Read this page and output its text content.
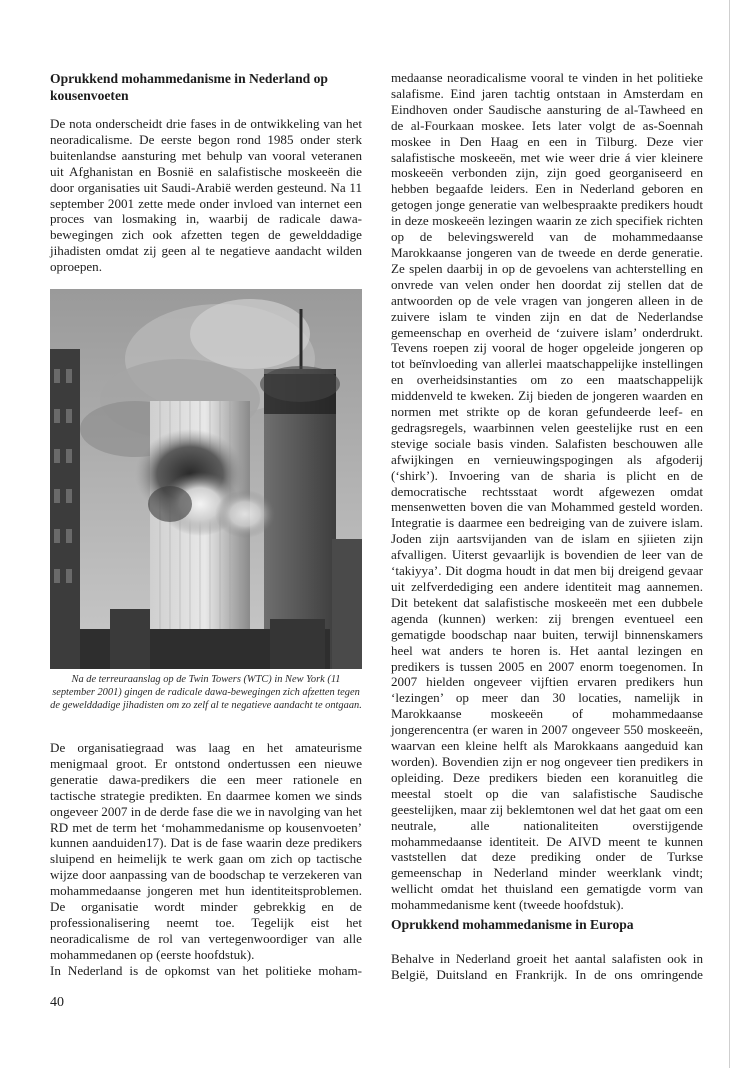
Oprukkend mohammedanisme in Nederland op kousenvoeten

De nota onderscheidt drie fases in de ontwikkeling van het neoradicalisme. De eerste begon rond 1985 onder sterk buitenlandse aansturing met behulp van vooral veteranen uit Afghanistan en Bosnië en salafistische moskeeën die door organisaties uit Saudi-Arabië werden gesteund. Na 11 september 2001 zette mede onder invloed van internet een proces van losmaking in, waarbij de radicale dawa-bewegingen zich ook afzetten tegen de gewelddadige jihadisten omdat zij geen al te negatieve aandacht wilden oproepen.

Na de terreuraanslag op de Twin Towers (WTC) in New York (11 september 2001) gingen de radicale dawa-bewegingen zich afzetten tegen de gewelddadige jihadisten om zo zelf al te negatieve aandacht te ontgaan.

De organisatiegraad was laag en het amateurisme menigmaal groot. Er ontstond ondertussen een nieuwe generatie dawa-predikers die een meer rationele en tactische strategie predikten. En daarmee komen we sinds ongeveer 2007 in de derde fase die we in navolging van het RD met de term het ‘mohammedanisme op kousenvoeten’ kunnen aanduiden17). Dat is de fase waarin deze predikers sluipend en heimelijk te werk gaan om zich op tactische wijze door aanpassing van de boodschap te verzekeren van mohammedaanse jongeren met hun identiteitsproblemen. De organisatie wordt minder gebrekkig en de professionalisering neemt toe. Tegelijk eist het neoradicalisme de rol van vertegenwoordiger van alle mohammedanen op (eerste hoofdstuk).

In Nederland is de opkomst van het politieke moham-

40

medaanse neoradicalisme vooral te vinden in het politieke salafisme. Eind jaren tachtig ontstaan in Amsterdam en Eindhoven onder Saudische aansturing de al-Tawheed en de al-Fourkaan moskee. Iets later volgt de as-Soennah moskee in Den Haag en een in Tilburg. Deze vier salafistische moskeeën, met wie weer drie á vier kleinere moskeeën verbonden zijn, zijn goed georganiseerd en hebben begaafde leiders. Een in Nederland geboren en getogen jonge generatie van welbespraakte predikers houdt in deze moskeeën lezingen waarin ze zich specifiek richten op de belevingswereld van de mohammedaanse Marokkaanse jongeren van de tweede en derde generatie. Ze spelen daarbij in op de gevoelens van achterstelling en onvrede van velen onder hen doordat zij stellen dat de antwoorden op de vele vragen van jongeren alleen in de zuivere islam te vinden zijn en dat de Nederlandse gemeenschap en overheid de ‘zuivere islam’ onderdrukt. Tevens roepen zij vooral de hoger opgeleide jongeren op tot beïnvloeding van allerlei maatschappelijke instellingen en overheidsinstanties om zo een maatschappelijk middenveld te kweken. Zij bieden de jongeren waarden en normen met strikte op de koran gefundeerde leef- en gedragsregels, waarbinnen velen geestelijke rust en een stevige sociale basis vinden. Salafisten beschouwen alle afwijkingen en vernieuwingspogingen als afgoderij (‘shirk’). Invoering van de sharia is plicht en de democratische rechtsstaat wordt afgewezen omdat mensenwetten boven die van Mohammed gesteld worden. Integratie is daarmee een bedreiging van de zuivere islam. Joden zijn aartsvijanden van de islam en sjiieten zijn afvalligen. Uiterst gevaarlijk is bovendien de leer van de ‘takiyya’. Dit dogma houdt in dat men bij dreigend gevaar uit zelfverdediging een andere identiteit mag aannemen. Dit betekent dat salafistische moskeeën met een dubbele agenda (kunnen) werken: zij brengen eventueel een gematigde boodschap naar buiten, terwijl binnenskamers heel wat anders te horen is. Het aantal lezingen en predikers is tussen 2005 en 2007 enorm toegenomen. In 2007 hielden ongeveer vijftien ervaren predikers hun ‘lezingen’ op meer dan 30 locaties, namelijk in Marokkaanse moskeeën of mohammedaanse jongerencentra (er waren in 2007 ongeveer 550 moskeeën, waarvan een kleine helft als Marokkaans aangeduid kan worden). Bovendien zijn er nog ongeveer tien predikers in opleiding. Deze predikers bieden een koranuitleg die meestal stoelt op die van salafistische Saudische geestelijken, maar zij beklemtonen wel dat het gaat om een neutrale, alle nationaliteiten overstijgende mohammedaanse identiteit. De AIVD meent te kunnen vaststellen dat deze prediking onder de Turkse gemeenschap in Nederland minder weerklank vindt; wellicht omdat het thuisland een gematigde vorm van mohammedanisme kent (tweede hoofdstuk).

Oprukkend mohammedanisme in Europa

Behalve in Nederland groeit het aantal salafisten ook in België, Duitsland en Frankrijk. In de ons omringende
